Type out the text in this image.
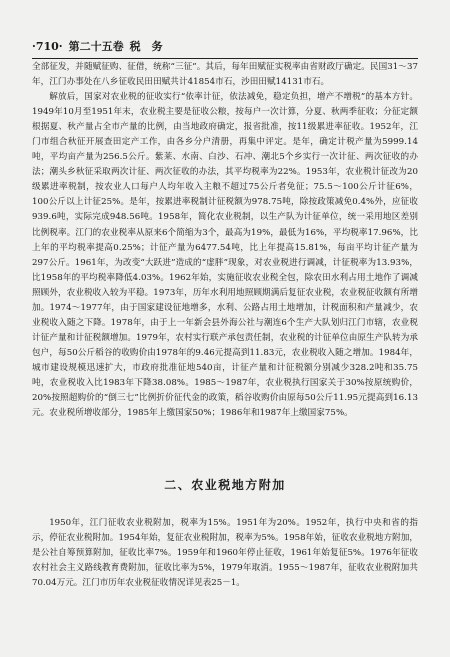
·710· 第二十五卷 税　务

全部征发，并随赋征购、征借，统称“三征”。其后，每年田赋征实税率由省财政厅确定。民国31～37年，江门办事处在八乡征收民田田赋共计41854市石，沙田田赋14131市石。

解放后，国家对农业税的征收实行“依率计征，依法减免，稳定负担，增产不增税”的基本方针。1949年10月至1951年末，农业税主要是征收公粮，按每户一次计算，分夏、秋两季征收；分征定额根据夏、秋产量占全市产量的比例，由当地政府确定，报省批准，按11级累进率征收。1952年，江门市组合秋征开展查田定产工作，由各乡分户清册，再集中评定。是年，确定计税产量为5999.14吨，平均亩产量为256.5公斤。紫莱、水南、白沙、石冲、潮北5个乡实行一次计征、两次征收的办法；潮头乡秋征采取两次计征、两次征收的办法，其平均税率为22%。1953年，农业税计征改为20级累进率税制，按农业人口每户人均年收入主粮不超过75公斤者免征；75.5～100公斤计征6%，100公斤以上计征25%。是年，按累进率税制计征税额为978.75吨，除按政策减免0.4%外，应征收939.6吨，实际完成948.56吨。1958年，简化农业税制，以生产队为计征单位，统一采用地区差别比例税率。江门的农业税率从原来6个简缩为3个，最高为19%，最低为16%，平均税率17.96%，比上年的平均税率提高0.25%；计征产量为6477.54吨，比上年提高15.81%，每亩平均计征产量为297公斤。1961年，为改变“大跃进”造成的“虚胖”现象，对农业税进行调减，计征税率为13.93%，比1958年的平均税率降低4.03%。1962年始，实施征收农业税全包，除农田水利占用土地作了调减照顾外，农业税收入较为平稳。1973年，历年水利用地照顾期满后复征农业税，农业税征收额有所增加。1974～1977年，由于国家建设征地增多，水利、公路占用土地增加，计税面积和产量减少，农业税收入随之下降。1978年，由于上一年新会县外海公社与潮连6个生产大队划归江门市辖，农业税计征产量和计征税额增加。1979年，农村实行联产承包责任制，农业税的计征单位由原生产队转为承包户，每50公斤稻谷的收购价由1978年的9.46元提高到11.83元，农业税收入随之增加。1984年，城市建设规模迅速扩大，市政府批准征地540亩，计征产量和计征税额分别减少328.2吨和35.75吨，农业税收入比1983年下降38.08%。1985～1987年，农业税执行国家关于30%按原统购价，20%按照超购价的“倒三七”比例折价征代金的政策，稻谷收购价由原每50公斤11.95元提高到16.13元。农业税所增收部分，1985年上缴国家50%；1986年和1987年上缴国家75%。

二、农业税地方附加

1950年，江门征收农业税附加，税率为15%。1951年为20%。1952年，执行中央和省的指示，停征农业税附加。1954年始，复征农业税附加，税率为5%。1958年始，征收农业税地方附加，是公社自筹预算附加，征收比率7%。1959年和1960年停止征收，1961年始复征5%。1976年征收农村社会主义路线教育费附加，征收比率为5%，1979年取消。1955～1987年，征收农业税附加共70.04万元。江门市历年农业税征收情况详见表25－1。
